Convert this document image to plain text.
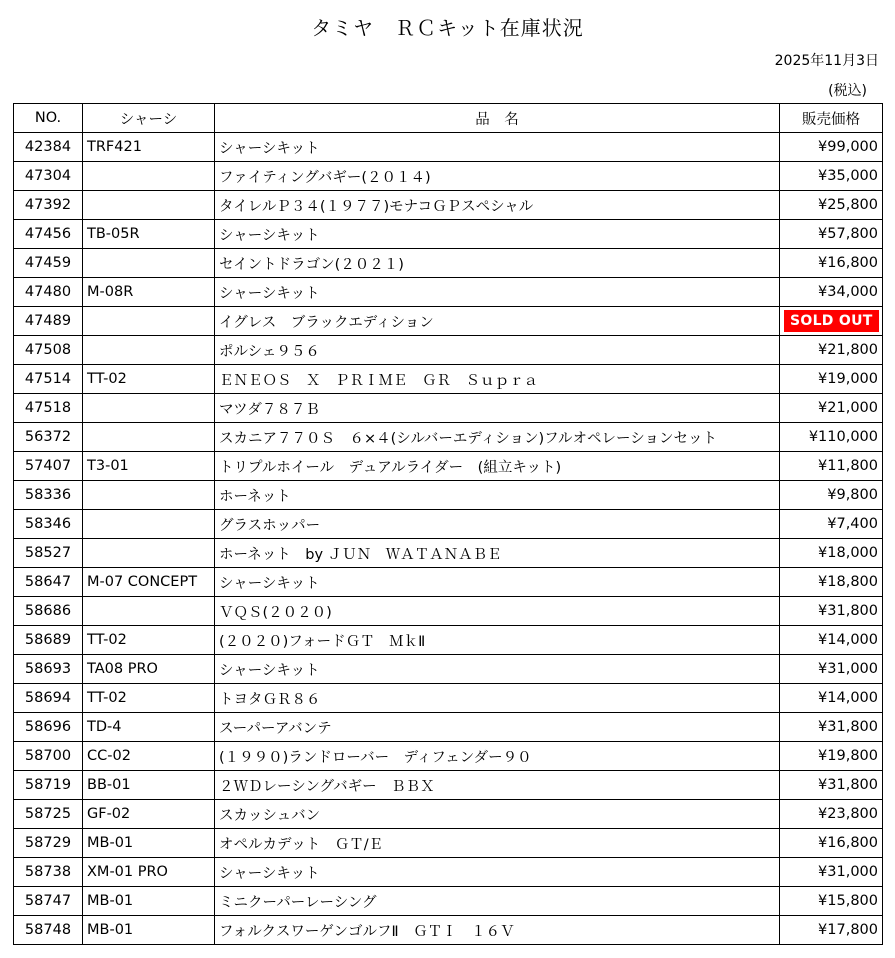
タミヤ　ＲＣキット在庫状況
2025年11月3日
(税込)
NO.	シャーシ	品　名	販売価格
42384	TRF421	シャーシキット	¥99,000
47304		ファイティングバギー(２０１４)	¥35,000
47392		タイレルＰ３４(１９７７)モナコＧＰスペシャル	¥25,800
47456	TB-05R	シャーシキット	¥57,800
47459		セイントドラゴン(２０２１)	¥16,800
47480	M-08R	シャーシキット	¥34,000
47489		イグレス　ブラックエディション	SOLD OUT
47508		ポルシェ９５６	¥21,800
47514	TT-02	ＥＮＥＯＳ　Ｘ　ＰＲＩＭＥ　ＧＲ　Ｓｕｐｒａ	¥19,000
47518		マツダ７８７Ｂ	¥21,000
56372		スカニア７７０Ｓ　６×４(シルバーエディション)フルオペレーションセット	¥110,000
57407	T3-01	トリプルホイール　デュアルライダー　(組立キット)	¥11,800
58336		ホーネット	¥9,800
58346		グラスホッパー	¥7,400
58527		ホーネット　by ＪＵＮ　ＷＡＴＡＮＡＢＥ	¥18,000
58647	M-07 CONCEPT	シャーシキット	¥18,800
58686		ＶＱＳ(２０２０)	¥31,800
58689	TT-02	(２０２０)フォードＧＴ　ＭｋⅡ	¥14,000
58693	TA08 PRO	シャーシキット	¥31,000
58694	TT-02	トヨタＧＲ８６	¥14,000
58696	TD-4	スーパーアバンテ	¥31,800
58700	CC-02	(１９９０)ランドローバー　ディフェンダー９０	¥19,800
58719	BB-01	２ＷＤレーシングバギー　ＢＢＸ	¥31,800
58725	GF-02	スカッシュバン	¥23,800
58729	MB-01	オペルカデット　ＧＴ/Ｅ	¥16,800
58738	XM-01 PRO	シャーシキット	¥31,000
58747	MB-01	ミニクーパーレーシング	¥15,800
58748	MB-01	フォルクスワーゲンゴルフⅡ　ＧＴＩ　１６Ｖ	¥17,800
